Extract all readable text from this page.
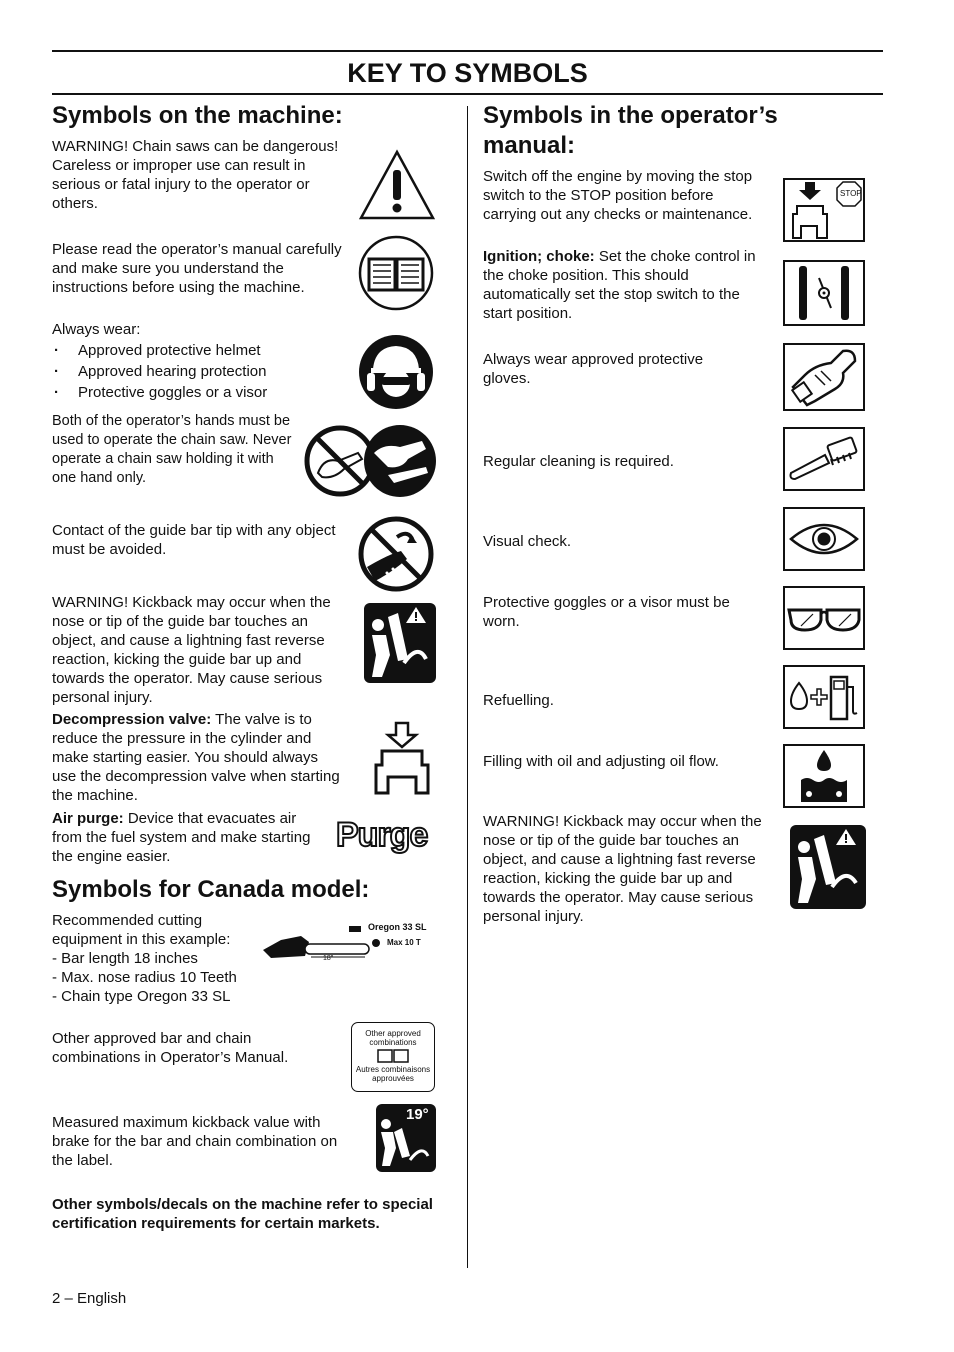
KEY TO SYMBOLS
Symbols on the machine:

WARNING! Chain saws can be dangerous! Careless or improper use can result in serious or fatal injury to the operator or others.

Please read the operator’s manual carefully and make sure you understand the instructions before using the machine.

Always wear:

· Approved protective helmet
· Approved hearing protection
· Protective goggles or a visor

Both of the operator’s hands must be used to operate the chain saw. Never operate a chain saw holding it with one hand only.

Contact of the guide bar tip with any object must be avoided.

WARNING! Kickback may occur when the nose or tip of the guide bar touches an object, and cause a lightning fast reverse reaction, kicking the guide bar up and towards the operator. May cause serious personal injury.

Decompression valve: The valve is to reduce the pressure in the cylinder and make starting easier. You should always use the decompression valve when starting the machine.

Air purge: Device that evacuates air from the fuel system and make starting the engine easier.

Purge
Symbols for Canada model:
Recommended cutting
equipment in this example:
- Bar length 18 inches
- Max. nose radius 10 Teeth
- Chain type Oregon 33 SL
Oregon 33 SL
Max 10 T
18"

Other approved bar and chain combinations in Operator’s Manual.

Other approved
combinations
Autres combinaisons
approuvées

Measured maximum kickback value with brake for the bar and chain combination on the label.

19°

Other symbols/decals on the machine refer to special certification requirements for certain markets.

Symbols in the operator’s manual:

Switch off the engine by moving the stop switch to the STOP position before carrying out any checks or maintenance.

STOP

Ignition; choke: Set the choke control in the choke position. This should automatically set the stop switch to the start position.

Always wear approved protective gloves.

Regular cleaning is required.

Visual check.

Protective goggles or a visor must be worn.

Refuelling.

Filling with oil and adjusting oil flow.

WARNING! Kickback may occur when the nose or tip of the guide bar touches an object, and cause a lightning fast reverse reaction, kicking the guide bar up and towards the operator. May cause serious personal injury.

2 – English
